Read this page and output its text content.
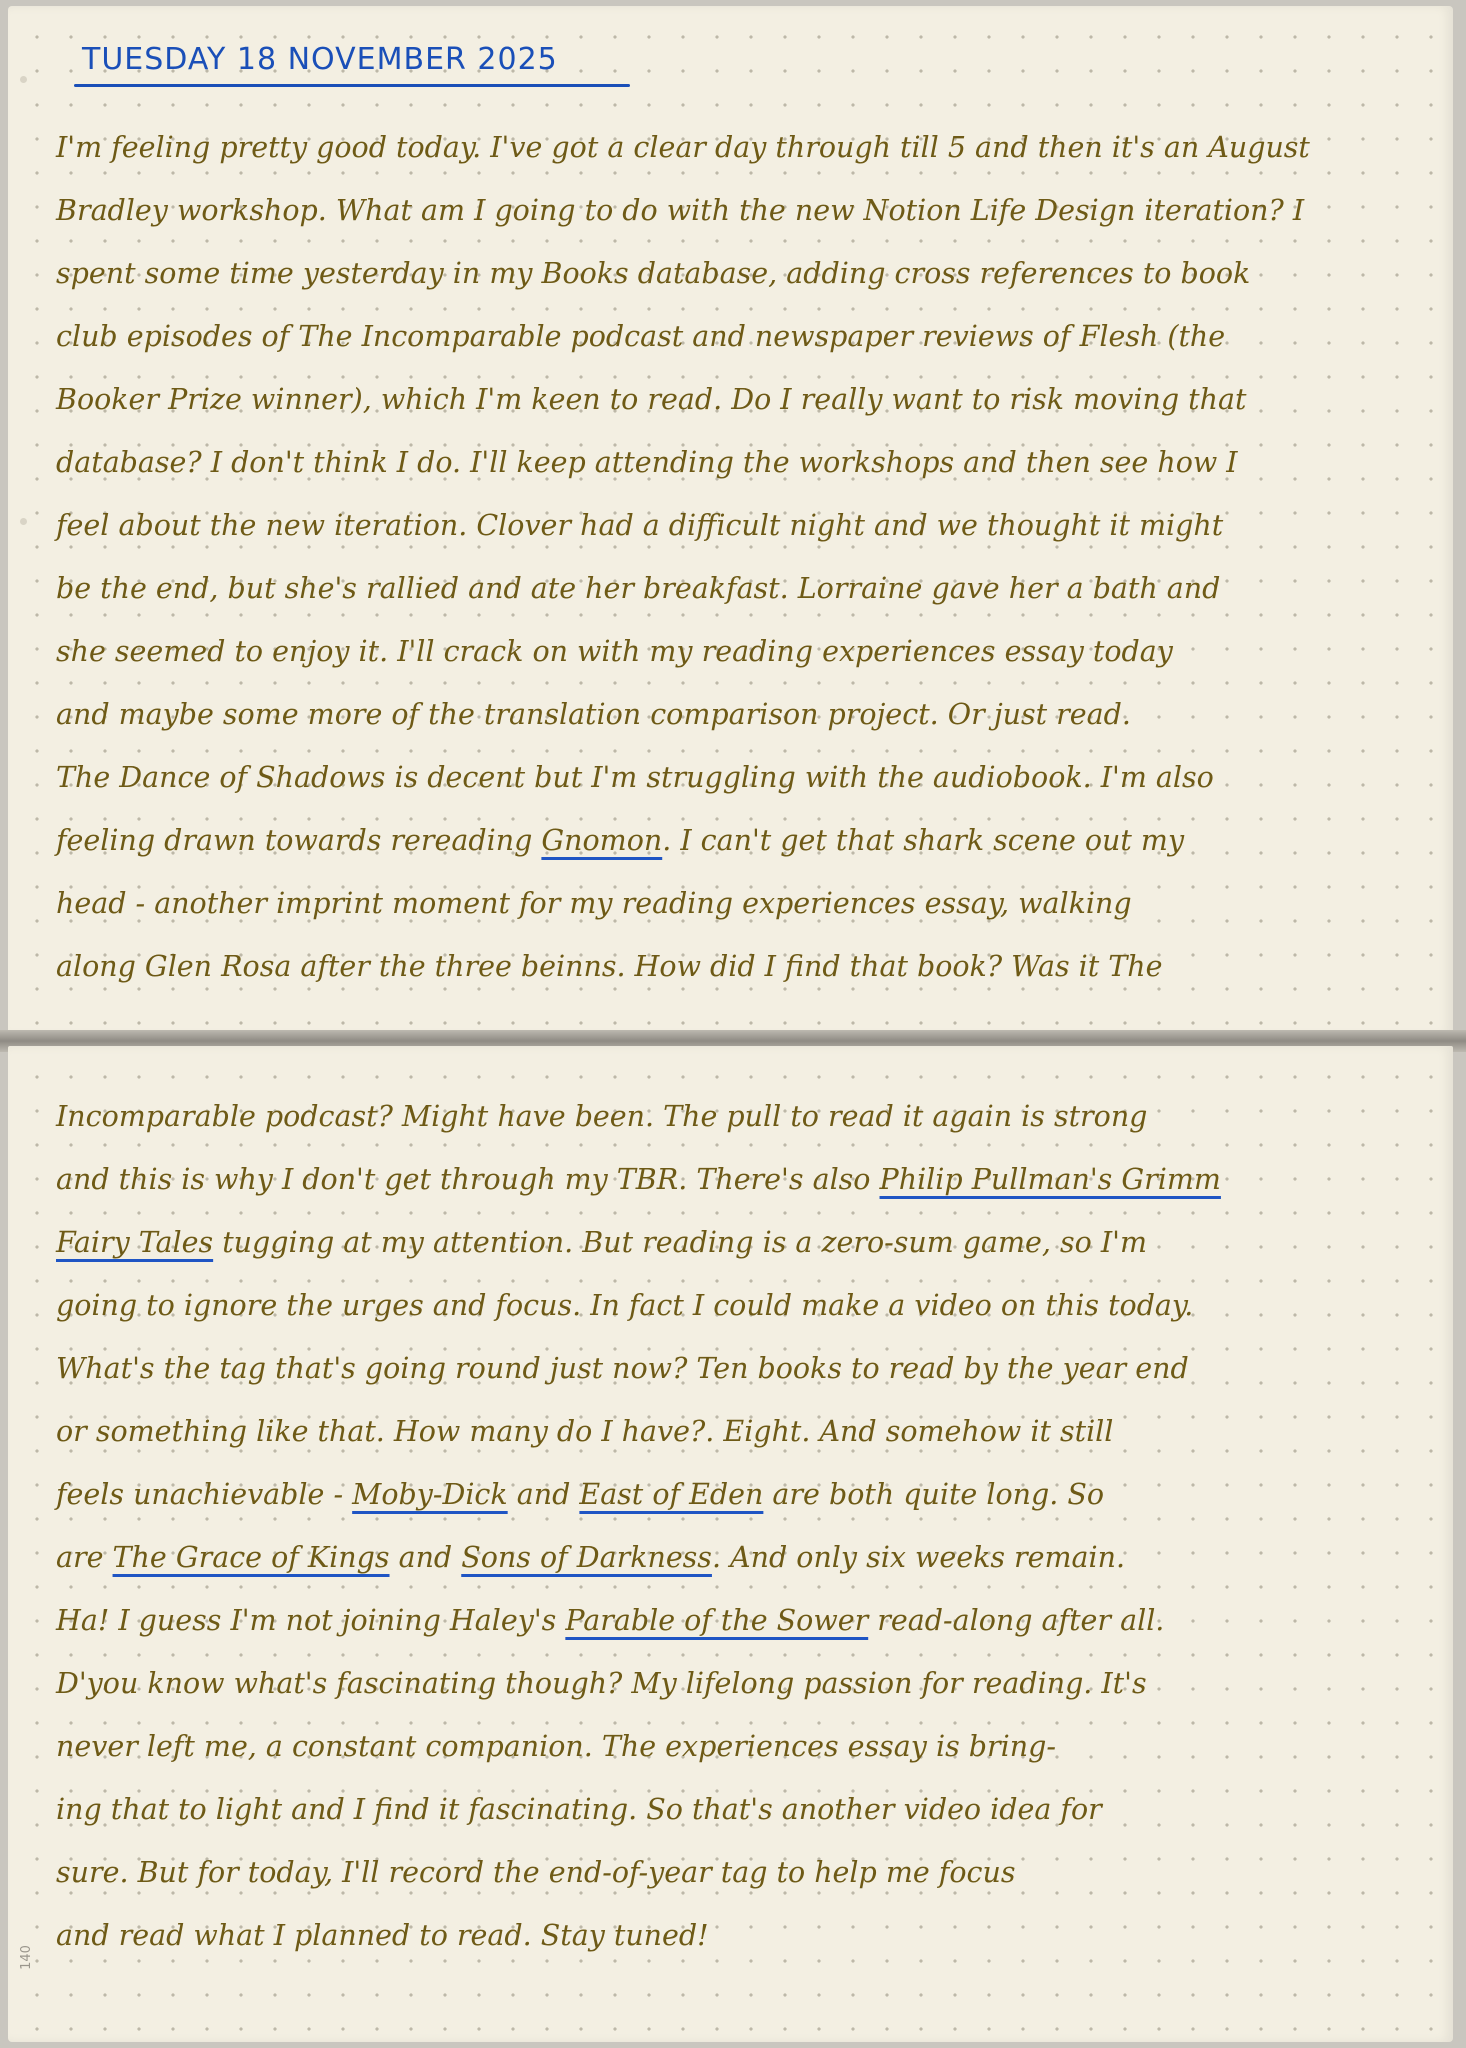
TUESDAY 18 NOVEMBER 2025
I'm feeling pretty good today. I've got a clear day through till 5 and then it's an August
Bradley workshop. What am I going to do with the new Notion Life Design iteration? I
spent some time yesterday in my Books database, adding cross references to book
club episodes of The Incomparable podcast and newspaper reviews of Flesh (the
Booker Prize winner), which I'm keen to read. Do I really want to risk moving that
database? I don't think I do. I'll keep attending the workshops and then see how I
feel about the new iteration. Clover had a difficult night and we thought it might
be the end, but she's rallied and ate her breakfast. Lorraine gave her a bath and
she seemed to enjoy it. I'll crack on with my reading experiences essay today
and maybe some more of the translation comparison project. Or just read.
The Dance of Shadows is decent but I'm struggling with the audiobook. I'm also
feeling drawn towards rereading Gnomon. I can't get that shark scene out my
head - another imprint moment for my reading experiences essay, walking
along Glen Rosa after the three beinns. How did I find that book? Was it The
Incomparable podcast? Might have been. The pull to read it again is strong
and this is why I don't get through my TBR. There's also Philip Pullman's Grimm
Fairy Tales tugging at my attention. But reading is a zero-sum game, so I'm
going to ignore the urges and focus. In fact I could make a video on this today.
What's the tag that's going round just now? Ten books to read by the year end
or something like that. How many do I have?. Eight. And somehow it still
feels unachievable - Moby-Dick and East of Eden are both quite long. So
are The Grace of Kings and Sons of Darkness. And only six weeks remain.
Ha! I guess I'm not joining Haley's Parable of the Sower read-along after all.
D'you know what's fascinating though? My lifelong passion for reading. It's
never left me, a constant companion. The experiences essay is bring-
ing that to light and I find it fascinating. So that's another video idea for
sure. But for today, I'll record the end-of-year tag to help me focus
and read what I planned to read. Stay tuned!
140
